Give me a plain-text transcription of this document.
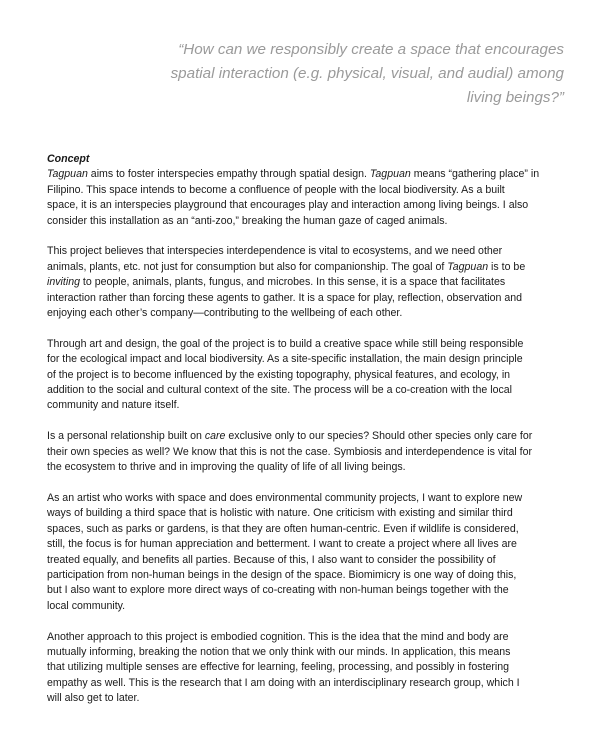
“How can we responsibly create a space that encourages
spatial interaction (e.g. physical, visual, and audial) among
living beings?”
Concept

Tagpuan aims to foster interspecies empathy through spatial design. Tagpuan means “gathering place” in
Filipino. This space intends to become a confluence of people with the local biodiversity. As a built
space, it is an interspecies playground that encourages play and interaction among living beings. I also
consider this installation as an “anti-zoo,” breaking the human gaze of caged animals.

This project believes that interspecies interdependence is vital to ecosystems, and we need other
animals, plants, etc. not just for consumption but also for companionship. The goal of Tagpuan is to be
inviting to people, animals, plants, fungus, and microbes. In this sense, it is a space that facilitates
interaction rather than forcing these agents to gather. It is a space for play, reflection, observation and
enjoying each other’s company—contributing to the wellbeing of each other.

Through art and design, the goal of the project is to build a creative space while still being responsible
for the ecological impact and local biodiversity. As a site-specific installation, the main design principle
of the project is to become influenced by the existing topography, physical features, and ecology, in
addition to the social and cultural context of the site. The process will be a co-creation with the local
community and nature itself.

Is a personal relationship built on care exclusive only to our species? Should other species only care for
their own species as well? We know that this is not the case. Symbiosis and interdependence is vital for
the ecosystem to thrive and in improving the quality of life of all living beings.

As an artist who works with space and does environmental community projects, I want to explore new
ways of building a third space that is holistic with nature. One criticism with existing and similar third
spaces, such as parks or gardens, is that they are often human-centric. Even if wildlife is considered,
still, the focus is for human appreciation and betterment. I want to create a project where all lives are
treated equally, and benefits all parties. Because of this, I also want to consider the possibility of
participation from non-human beings in the design of the space. Biomimicry is one way of doing this,
but I also want to explore more direct ways of co-creating with non-human beings together with the
local community.

Another approach to this project is embodied cognition. This is the idea that the mind and body are
mutually informing, breaking the notion that we only think with our minds. In application, this means
that utilizing multiple senses are effective for learning, feeling, processing, and possibly in fostering
empathy as well. This is the research that I am doing with an interdisciplinary research group, which I
will also get to later.
